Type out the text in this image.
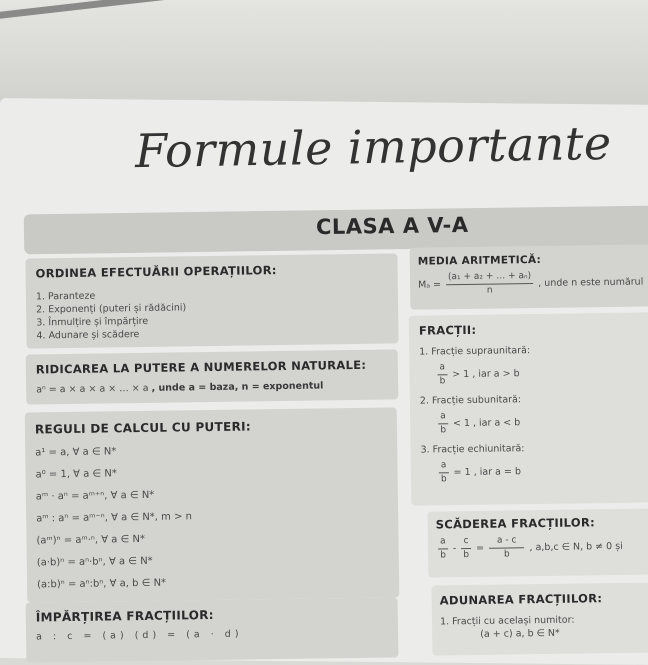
Formule importante
CLASA A V-A
ORDINEA EFECTUĂRII OPERAȚIILOR:
1. Paranteze
2. Exponenți (puteri și rădăcini)
3. Înmulțire și împărțire
4. Adunare și scădere
RIDICAREA LA PUTERE A NUMERELOR NATURALE:
aⁿ = a × a × a × … × a , unde a = baza, n = exponentul
REGULI DE CALCUL CU PUTERI:
a¹ = a, ∀ a ∈ N*
a⁰ = 1, ∀ a ∈ N*
aᵐ · aⁿ = aᵐ⁺ⁿ, ∀ a ∈ N*
aᵐ : aⁿ = aᵐ⁻ⁿ, ∀ a ∈ N*, m > n
(aᵐ)ⁿ = aᵐ·ⁿ, ∀ a ∈ N*
(a·b)ⁿ = aⁿ·bⁿ, ∀ a ∈ N*
(a:b)ⁿ = aⁿ:bⁿ, ∀ a, b ∈ N*
ÎMPĂRȚIREA FRACȚIILOR:
a : c = (a) (d) = (a · d)
MEDIA ARITMETICĂ:
$M_a = \frac{\text{(a₁ + a₂ + … + aₙ)}}{n}$ , unde n este numărul
FRACȚII:
1. Fracție supraunitară:
$\frac{a}{b} > 1$ , iar a > b
2. Fracție subunitară:
$\frac{a}{b} < 1$ , iar a < b
3. Fracție echiunitară:
$\frac{a}{b} = 1$ , iar a = b
SCĂDEREA FRACȚIILOR:
$\frac{a}{b} - \frac{c}{b} = \frac{a - c}{b}$ , a,b,c ∈ N, b ≠ 0 și
ADUNAREA FRACȚIILOR:
1. Fracții cu același numitor:
(a + c) a, b ∈ N*
